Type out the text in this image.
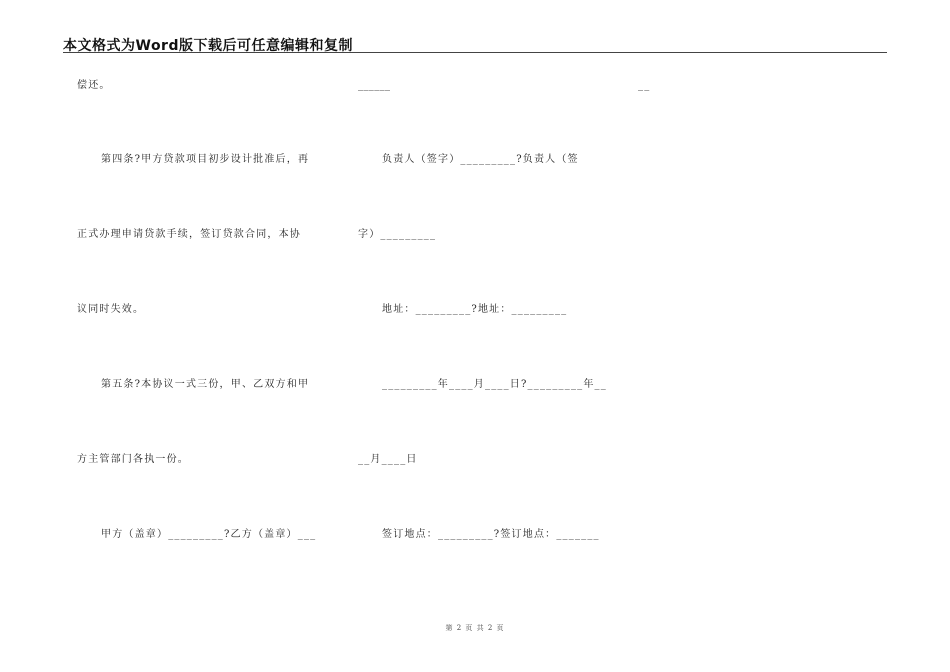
本文格式为Word版下载后可任意编辑和复制
偿还。
第四条?甲方贷款项目初步设计批准后，再
正式办理申请贷款手续，签订贷款合同，本协
议同时失效。
第五条?本协议一式三份，甲、乙双方和甲
方主管部门各执一份。
甲方（盖章）_________?乙方（盖章）___
______
负责人（签字）_________?负责人（签
字）_________
地址：_________?地址：_________
_________年____月____日?_________年__
__月____日
签订地点：_________?签订地点：_______
__
第 2 页 共 2 页
